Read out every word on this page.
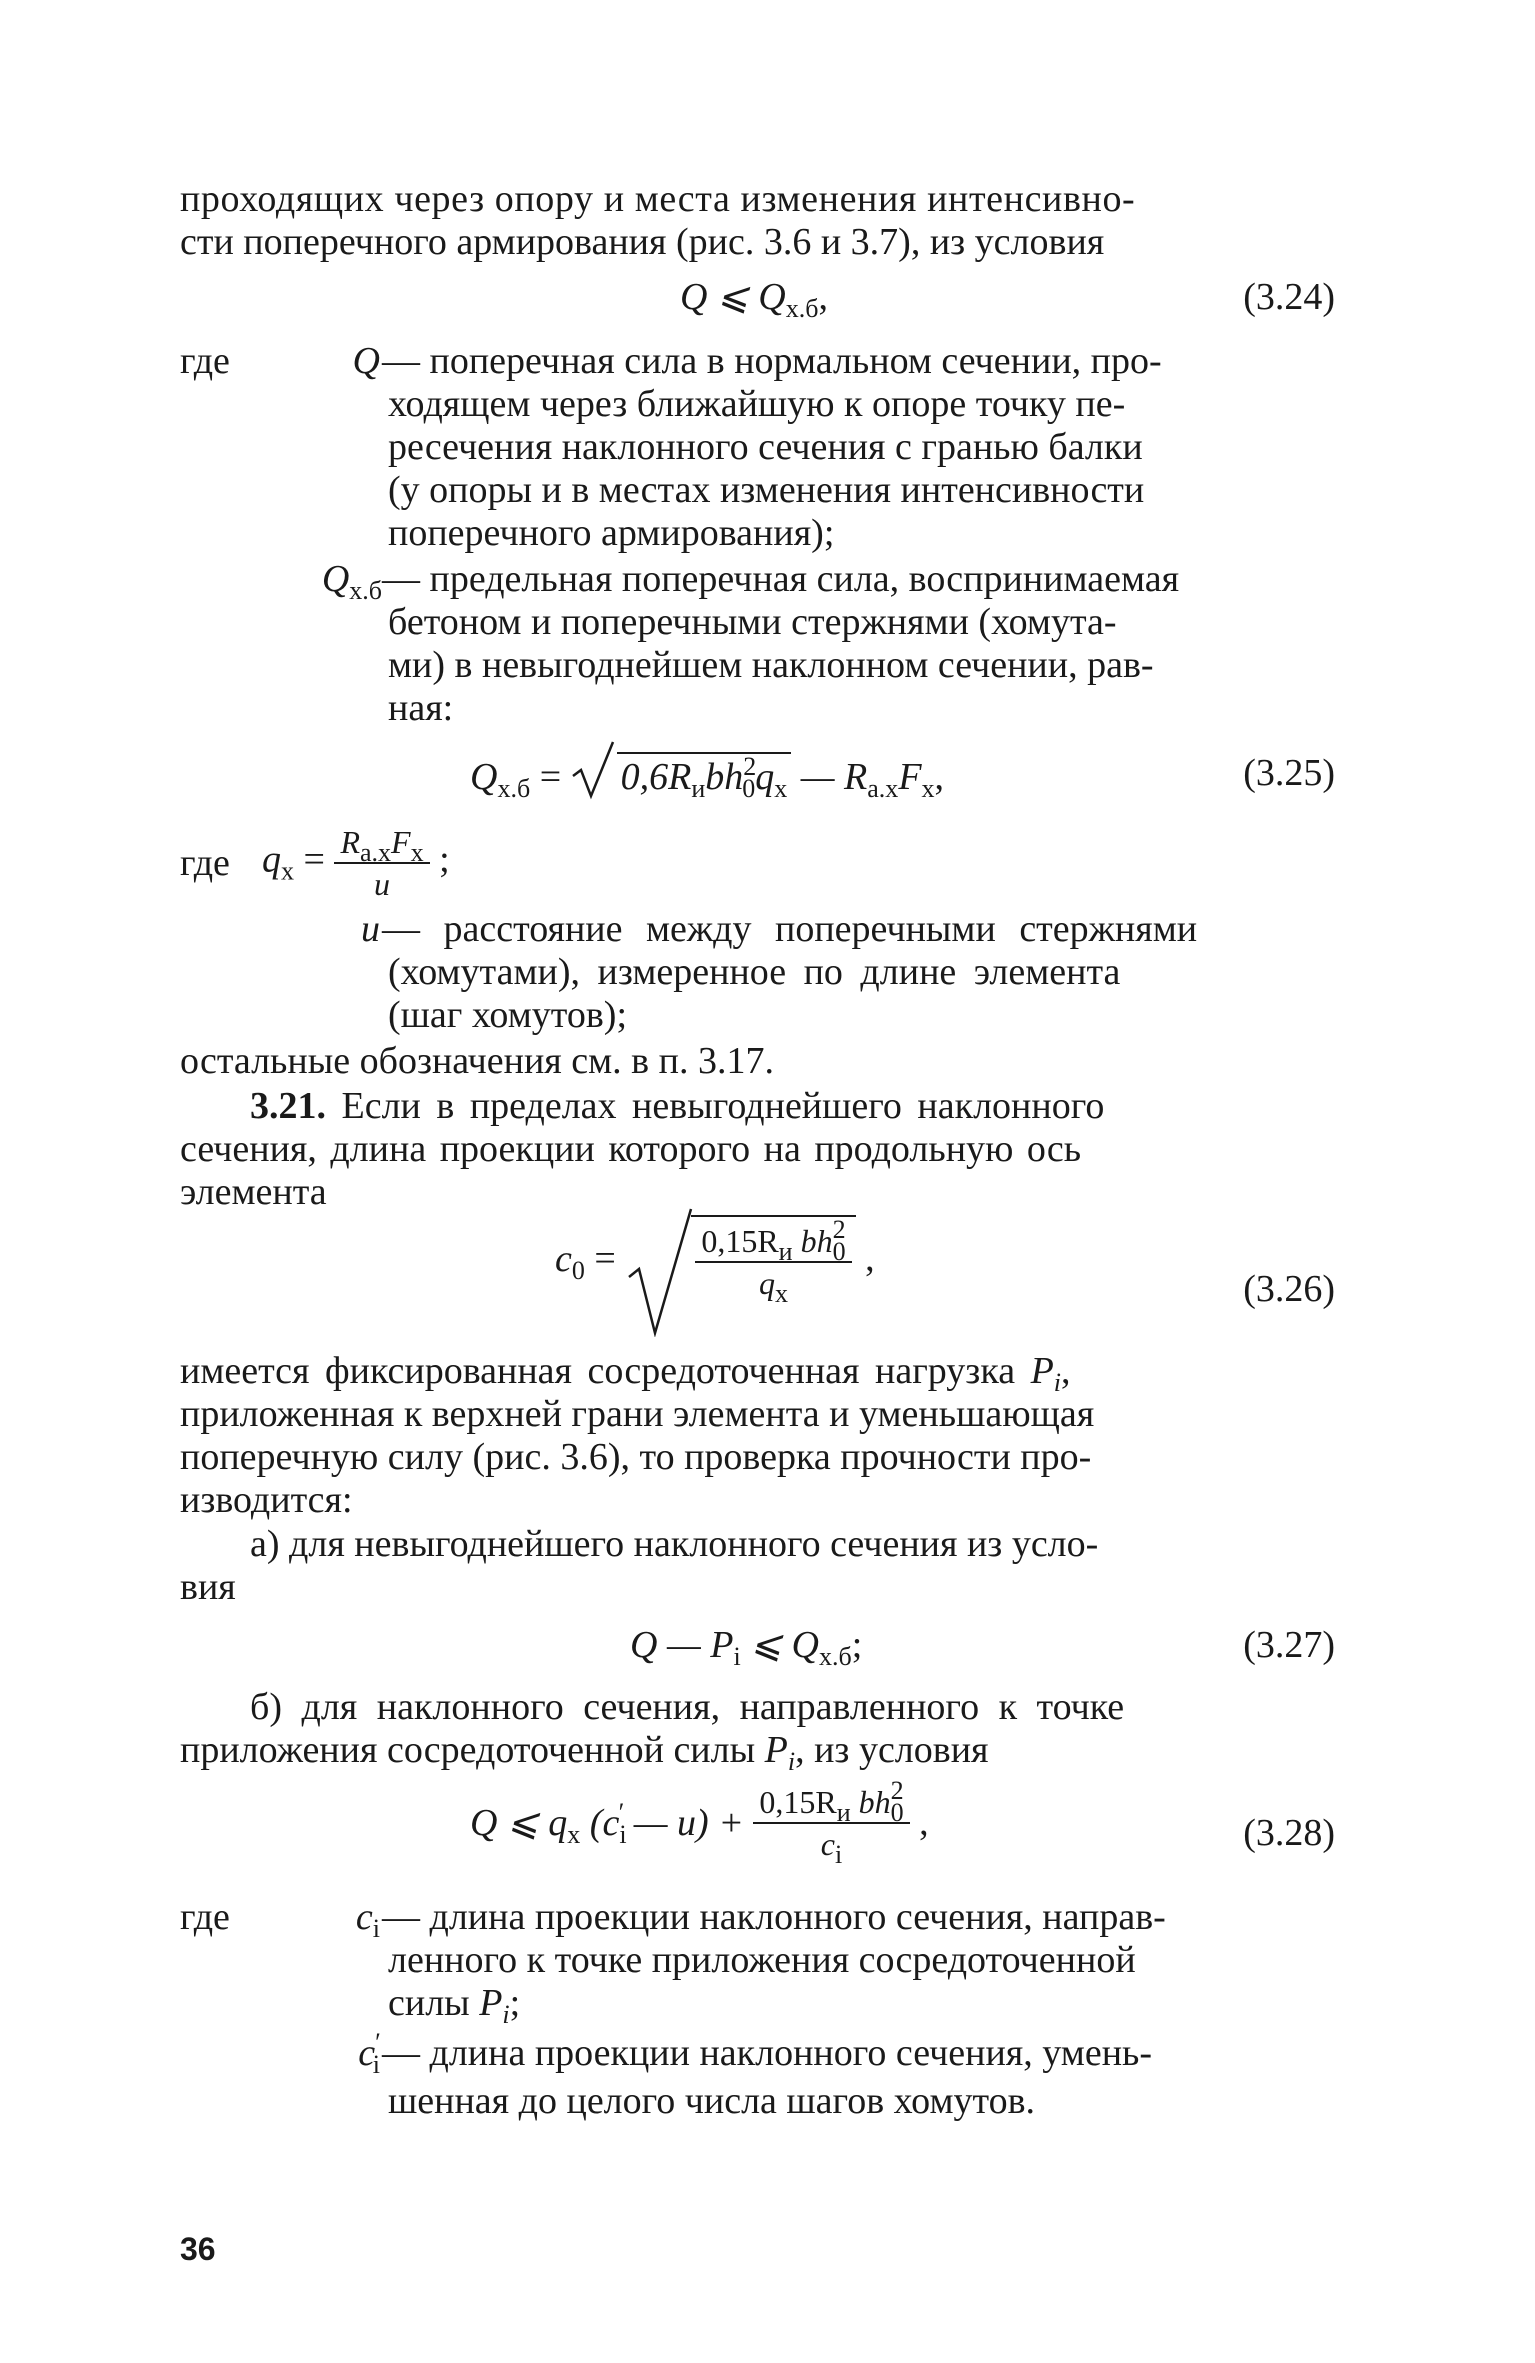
проходящих через опору и места изменения интенсивно-
сти поперечного армирования (рис. 3.6 и 3.7), из условия
Q ⩽ $Q_{х.б}$,	(3.24)
где	Q — поперечная сила в нормальном сечении, про-
ходящем через ближайшую к опоре точку пе-
ресечения наклонного сечения с гранью балки
(у опоры и в местах изменения интенсивности
поперечного армирования);
$Q_{х.б}$ — предельная поперечная сила, воспринимаемая
бетоном и поперечными стержнями (хомута-
ми) в невыгоднейшем наклонном сечении, рав-
ная:
$Q_{х.б} = 0,6R_иbh^2_0q_х$ — $R_{а.х}F_х$,	(3.25)
где $q_х = \frac{R_{а.х}F_х}{u}$ ;
u — расстояние между поперечными стержнями
(хомутами), измеренное по длине элемента
(шаг хомутов);
остальные обозначения см. в п. 3.17.
3.21. Если в пределах невыгоднейшего наклонного
сечения, длина проекции которого на продольную ось
элемента
$c_0 = \frac{0,15R_и bh^2_0}{q_х}$ ,
(3.26)
имеется фиксированная сосредоточенная нагрузка $P_i$,
приложенная к верхней грани элемента и уменьшающая
поперечную силу (рис. 3.6), то проверка прочности про-
изводится:
а) для невыгоднейшего наклонного сечения из усло-
вия
Q — $P_i$ ⩽ $Q_{х.б}$;	(3.27)
б) для наклонного сечения, направленного к точке
приложения сосредоточенной силы $P_i$, из условия
Q ⩽ $q_х$ ($c_i'$ — $u) + \frac{0,15R_и bh^2_0}{c_i}$ ,	(3.28)
где	$c_i$ — длина проекции наклонного сечения, направ-
ленного к точке приложения сосредоточенной
силы $P_i$;
$c'_i$ — длина проекции наклонного сечения, умень-
шенная до целого числа шагов хомутов.
36
